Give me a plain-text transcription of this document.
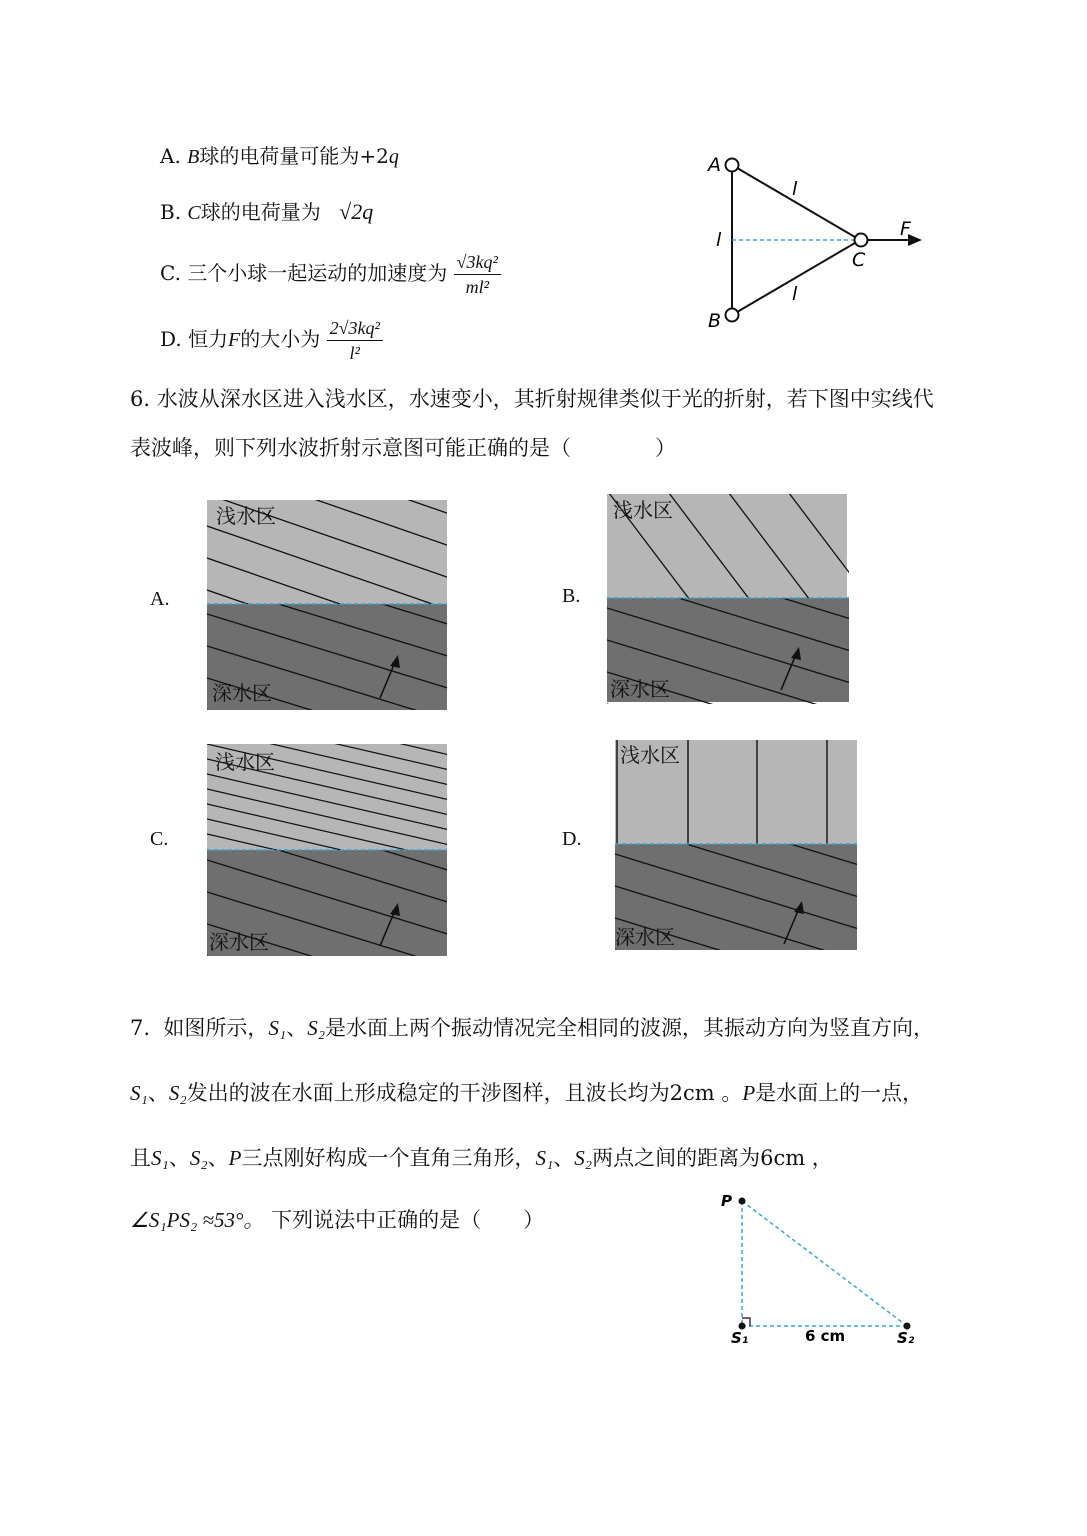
A. B球的电荷量可能为+2q
B. C球的电荷量为 √2q
C. 三个小球一起运动的加速度为 $\frac{\text{√3kq²}}{\text{ml²}}$
D. 恒力F的大小为 $\frac{\text{2√3kq²}}{\text{l²}}$
A
B
C
F
l
l
l
6. 水波从深水区进入浅水区，水速变小，其折射规律类似于光的折射，若下图中实线代
表波峰，则下列水波折射示意图可能正确的是（　　　　）
A.	B.
C.	D.
浅水区
深水区
浅水区
深水区
浅水区
深水区
浅水区
深水区
7. 如图所示，S₁、S₂是水面上两个振动情况完全相同的波源，其振动方向为竖直方向，
S₁、S₂发出的波在水面上形成稳定的干涉图样，且波长均为2cm 。P是水面上的一点，
且S₁、S₂、P三点刚好构成一个直角三角形，S₁、S₂两点之间的距离为6cm ，
∠S₁PS₂ ≈53°。 下列说法中正确的是（　　）
P
S₁	S₂
6 cm
